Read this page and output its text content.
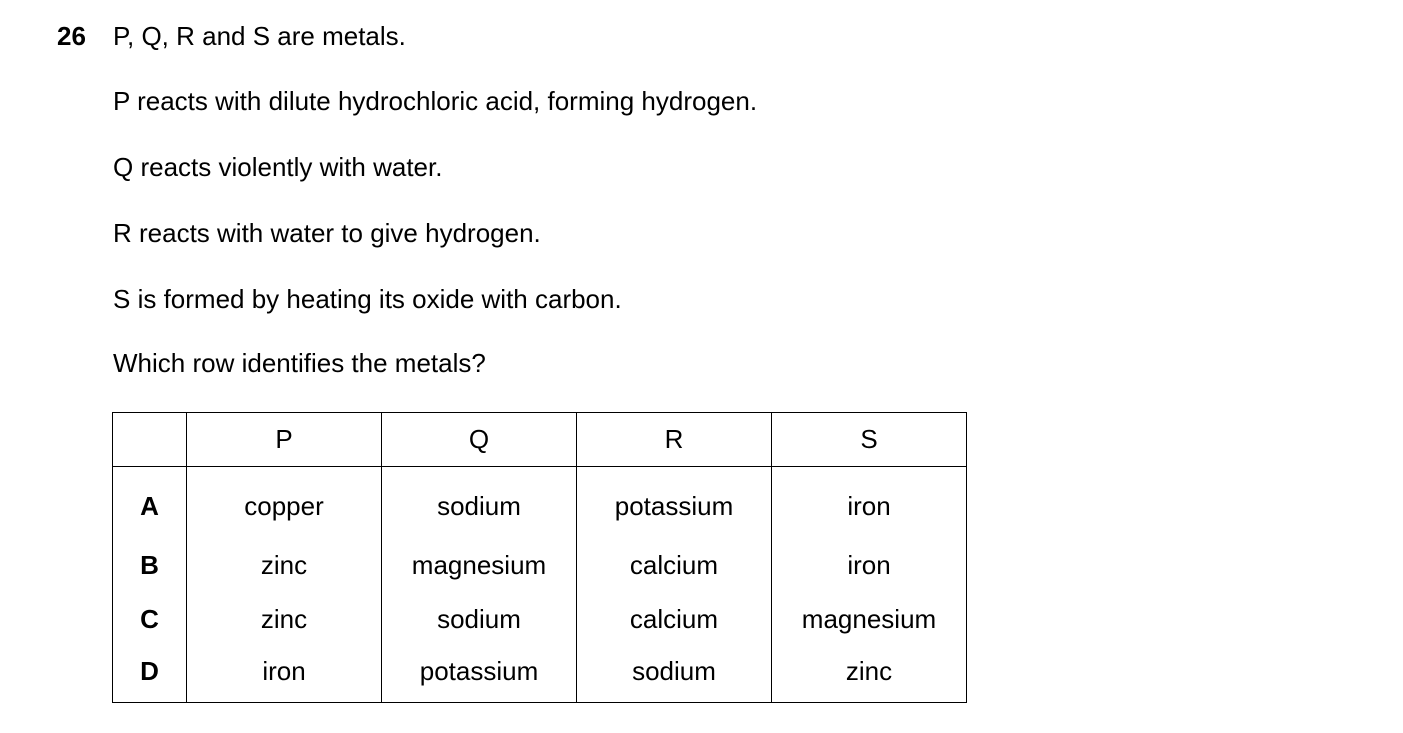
26 P, Q, R and S are metals.
P reacts with dilute hydrochloric acid, forming hydrogen.
Q reacts violently with water.
R reacts with water to give hydrogen.
S is formed by heating its oxide with carbon.
Which row identifies the metals?
	P	Q	R	S
A	copper	sodium	potassium	iron
B	zinc	magnesium	calcium	iron
C	zinc	sodium	calcium	magnesium
D	iron	potassium	sodium	zinc
